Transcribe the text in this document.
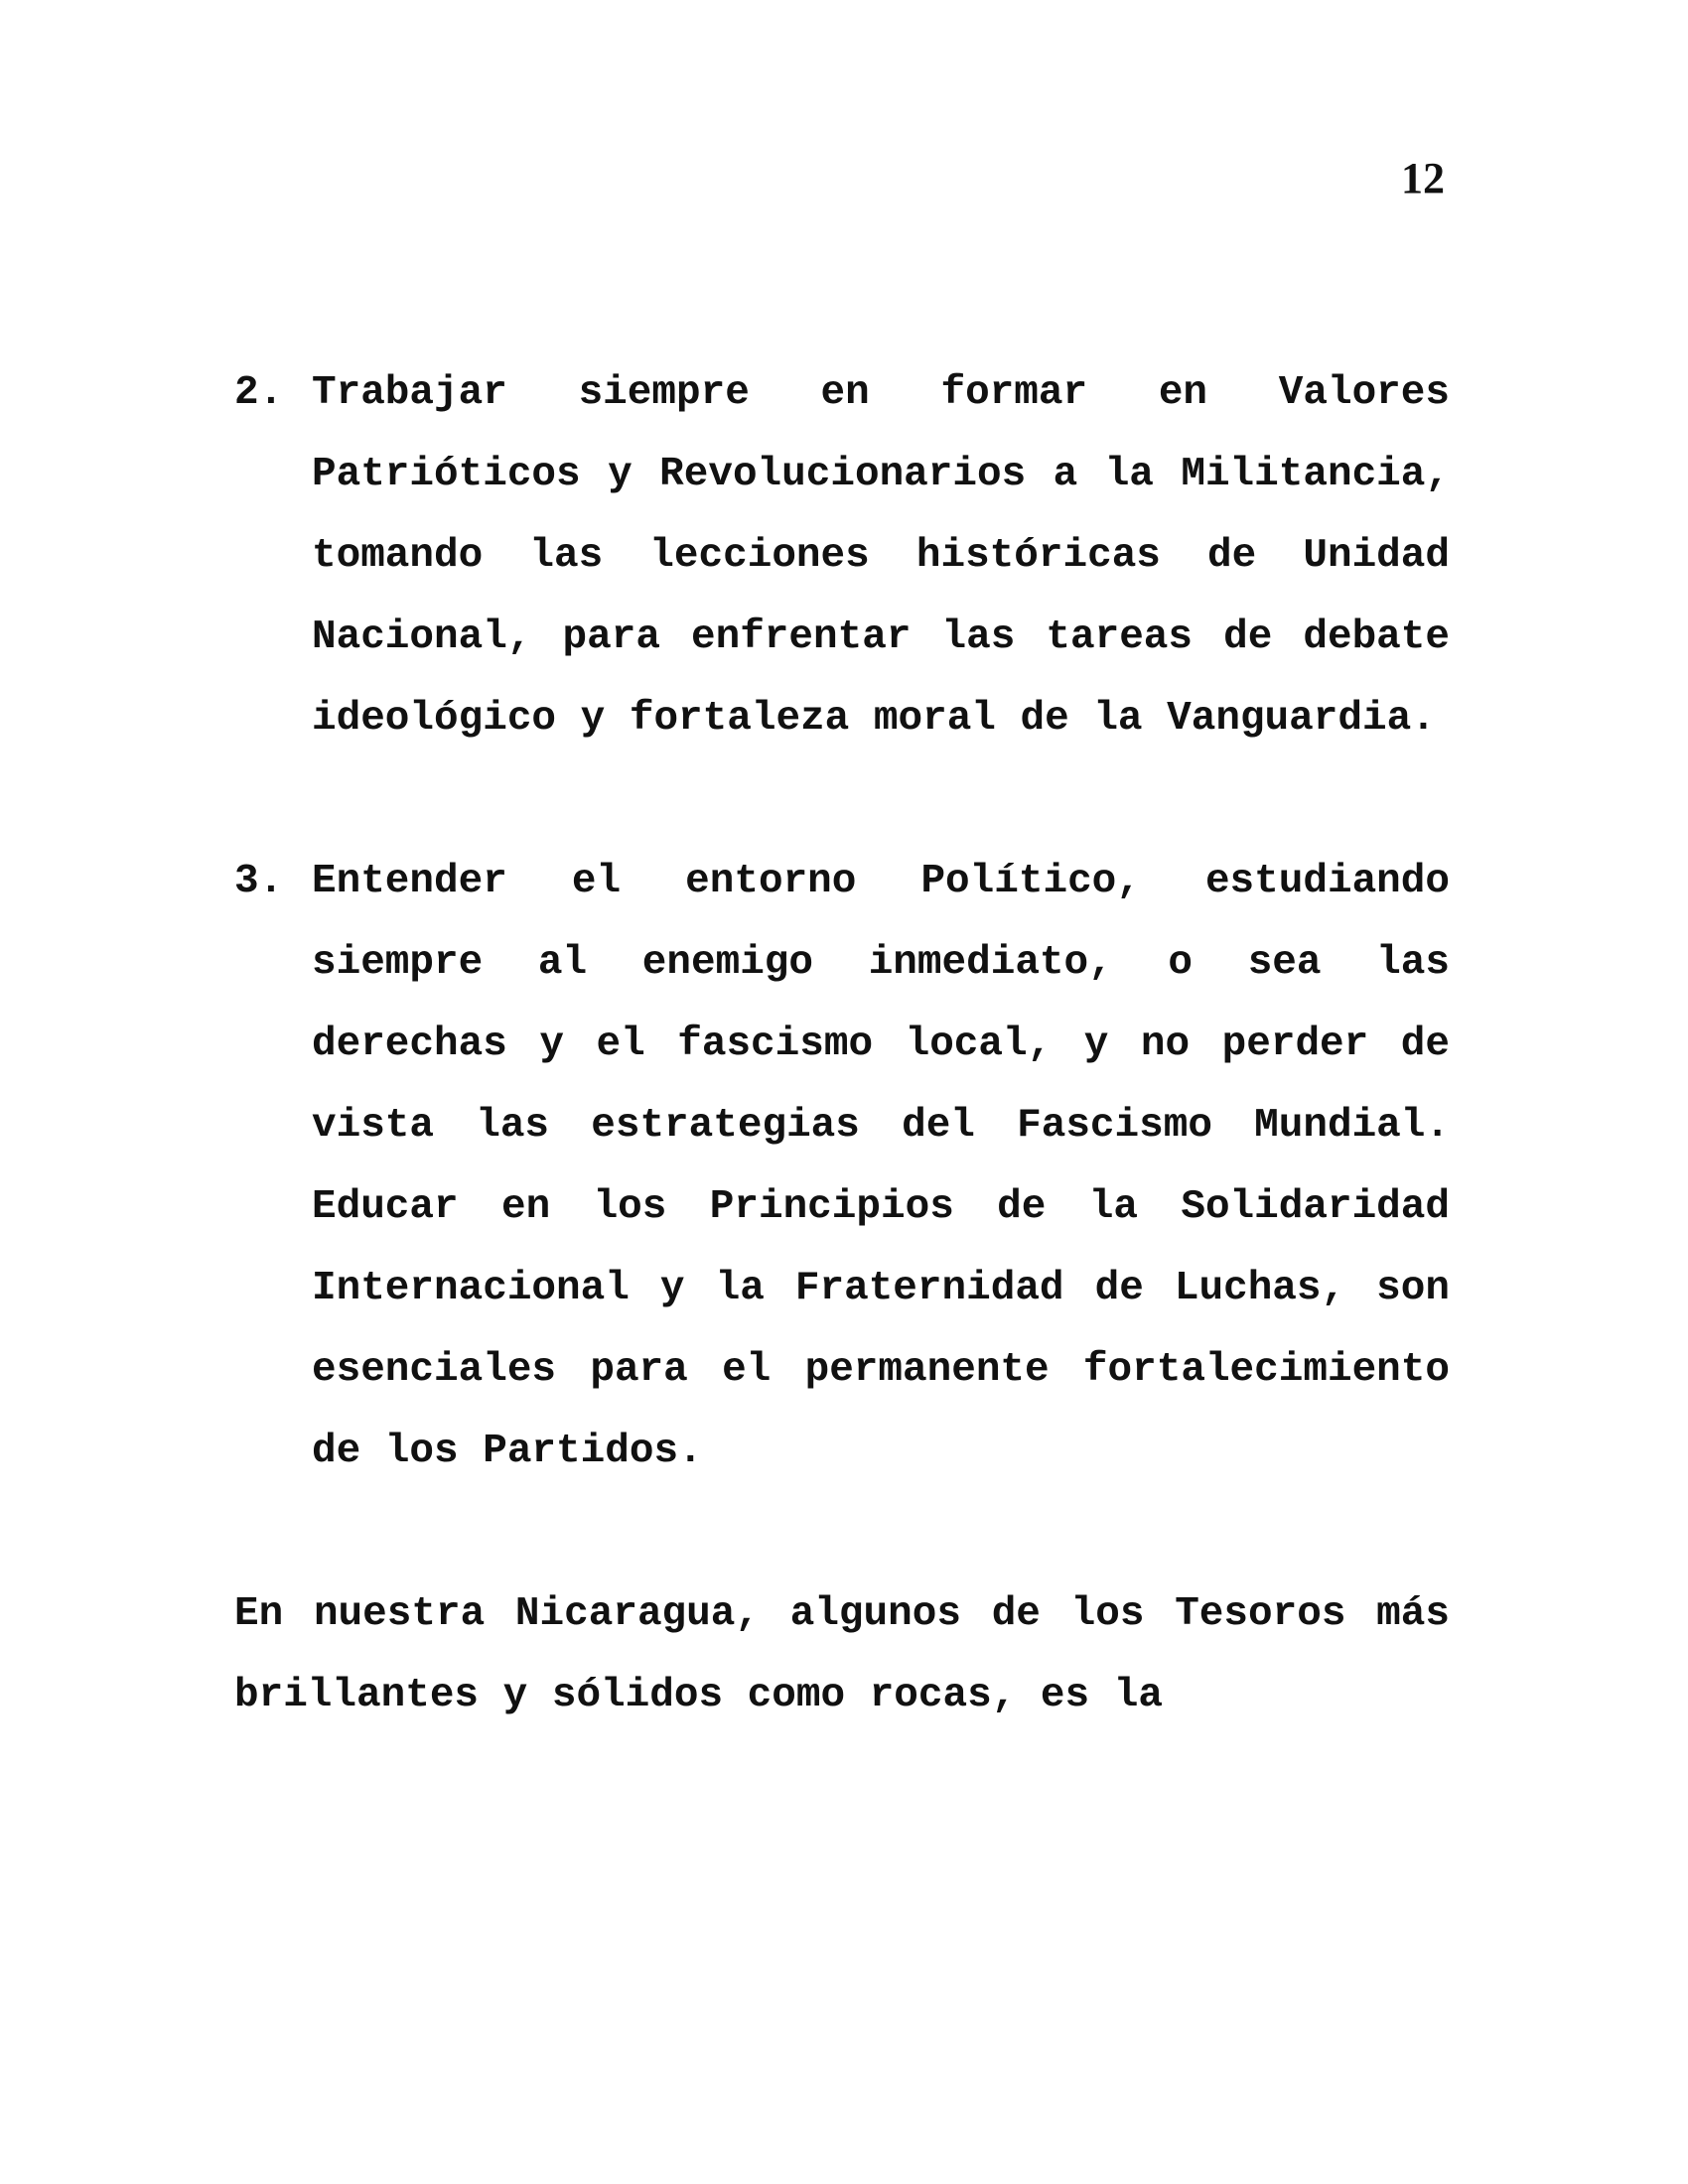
12

2. Trabajar siempre en formar en Valores Patrióticos y Revolucionarios a la Militancia, tomando las lecciones históricas de Unidad Nacional, para enfrentar las tareas de debate ideológico y fortaleza moral de la Vanguardia.
3. Entender el entorno Político, estudiando siempre al enemigo inmediato, o sea las derechas y el fascismo local, y no perder de vista las estrategias del Fascismo Mundial. Educar en los Principios de la Solidaridad Internacional y la Fraternidad de Luchas, son esenciales para el permanente fortalecimiento de los Partidos.

En nuestra Nicaragua, algunos de los Tesoros más brillantes y sólidos como rocas, es la
